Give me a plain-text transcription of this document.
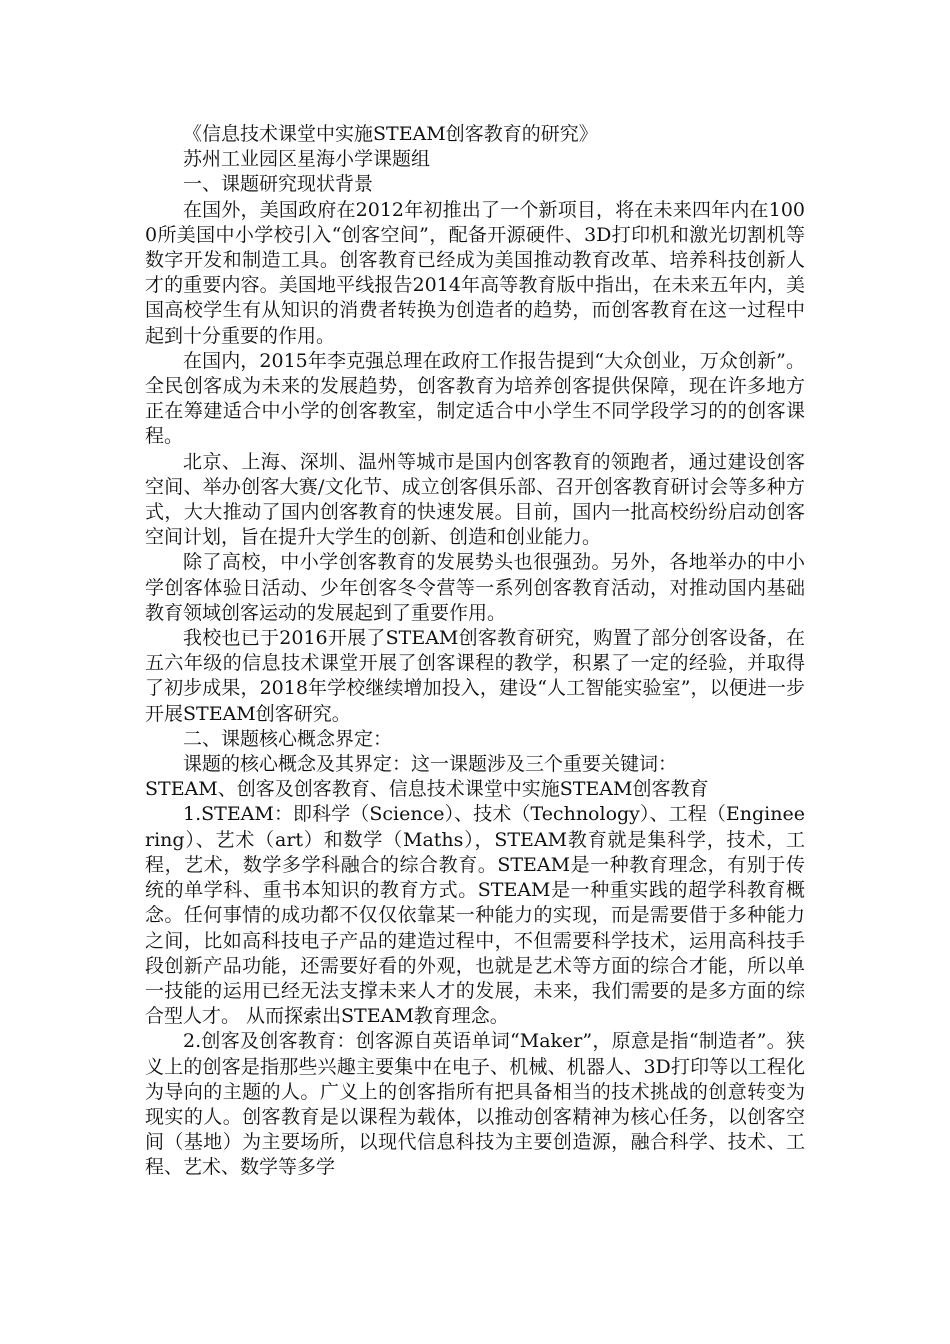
《信息技术课堂中实施STEAM创客教育的研究》

苏州工业园区星海小学课题组

一、课题研究现状背景

在国外，美国政府在2012年初推出了一个新项目，将在未来四年内在1000所美国中小学校引入“创客空间”，配备开源硬件、3D打印机和激光切割机等数字开发和制造工具。创客教育已经成为美国推动教育改革、培养科技创新人才的重要内容。美国地平线报告2014年高等教育版中指出，在未来五年内，美国高校学生有从知识的消费者转换为创造者的趋势，而创客教育在这一过程中起到十分重要的作用。

在国内，2015年李克强总理在政府工作报告提到“大众创业，万众创新”。全民创客成为未来的发展趋势，创客教育为培养创客提供保障，现在许多地方正在筹建适合中小学的创客教室，制定适合中小学生不同学段学习的的创客课程。

北京、上海、深圳、温州等城市是国内创客教育的领跑者，通过建设创客空间、举办创客大赛/文化节、成立创客俱乐部、召开创客教育研讨会等多种方式，大大推动了国内创客教育的快速发展。目前，国内一批高校纷纷启动创客空间计划，旨在提升大学生的创新、创造和创业能力。

除了高校，中小学创客教育的发展势头也很强劲。另外，各地举办的中小学创客体验日活动、少年创客冬令营等一系列创客教育活动，对推动国内基础教育领域创客运动的发展起到了重要作用。

我校也已于2016开展了STEAM创客教育研究，购置了部分创客设备，在五六年级的信息技术课堂开展了创客课程的教学，积累了一定的经验，并取得了初步成果，2018年学校继续增加投入，建设“人工智能实验室”，以便进一步开展STEAM创客研究。

二、课题核心概念界定：

课题的核心概念及其界定：这一课题涉及三个重要关键词：

STEAM、创客及创客教育、信息技术课堂中实施STEAM创客教育

1.STEAM：即科学（Science）、技术（Technology）、工程（Engineering）、艺术（art）和数学（Maths），STEAM教育就是集科学，技术，工程，艺术，数学多学科融合的综合教育。STEAM是一种教育理念，有别于传统的单学科、重书本知识的教育方式。STEAM是一种重实践的超学科教育概念。任何事情的成功都不仅仅依靠某一种能力的实现，而是需要借于多种能力之间，比如高科技电子产品的建造过程中，不但需要科学技术，运用高科技手段创新产品功能，还需要好看的外观，也就是艺术等方面的综合才能，所以单一技能的运用已经无法支撑未来人才的发展，未来，我们需要的是多方面的综合型人才。 从而探索出STEAM教育理念。

2.创客及创客教育：创客源自英语单词“Maker”，原意是指“制造者”。狭义上的创客是指那些兴趣主要集中在电子、机械、机器人、3D打印等以工程化为导向的主题的人。广义上的创客指所有把具备相当的技术挑战的创意转变为现实的人。创客教育是以课程为载体，以推动创客精神为核心任务，以创客空间（基地）为主要场所，以现代信息科技为主要创造源，融合科学、技术、工程、艺术、数学等多学
